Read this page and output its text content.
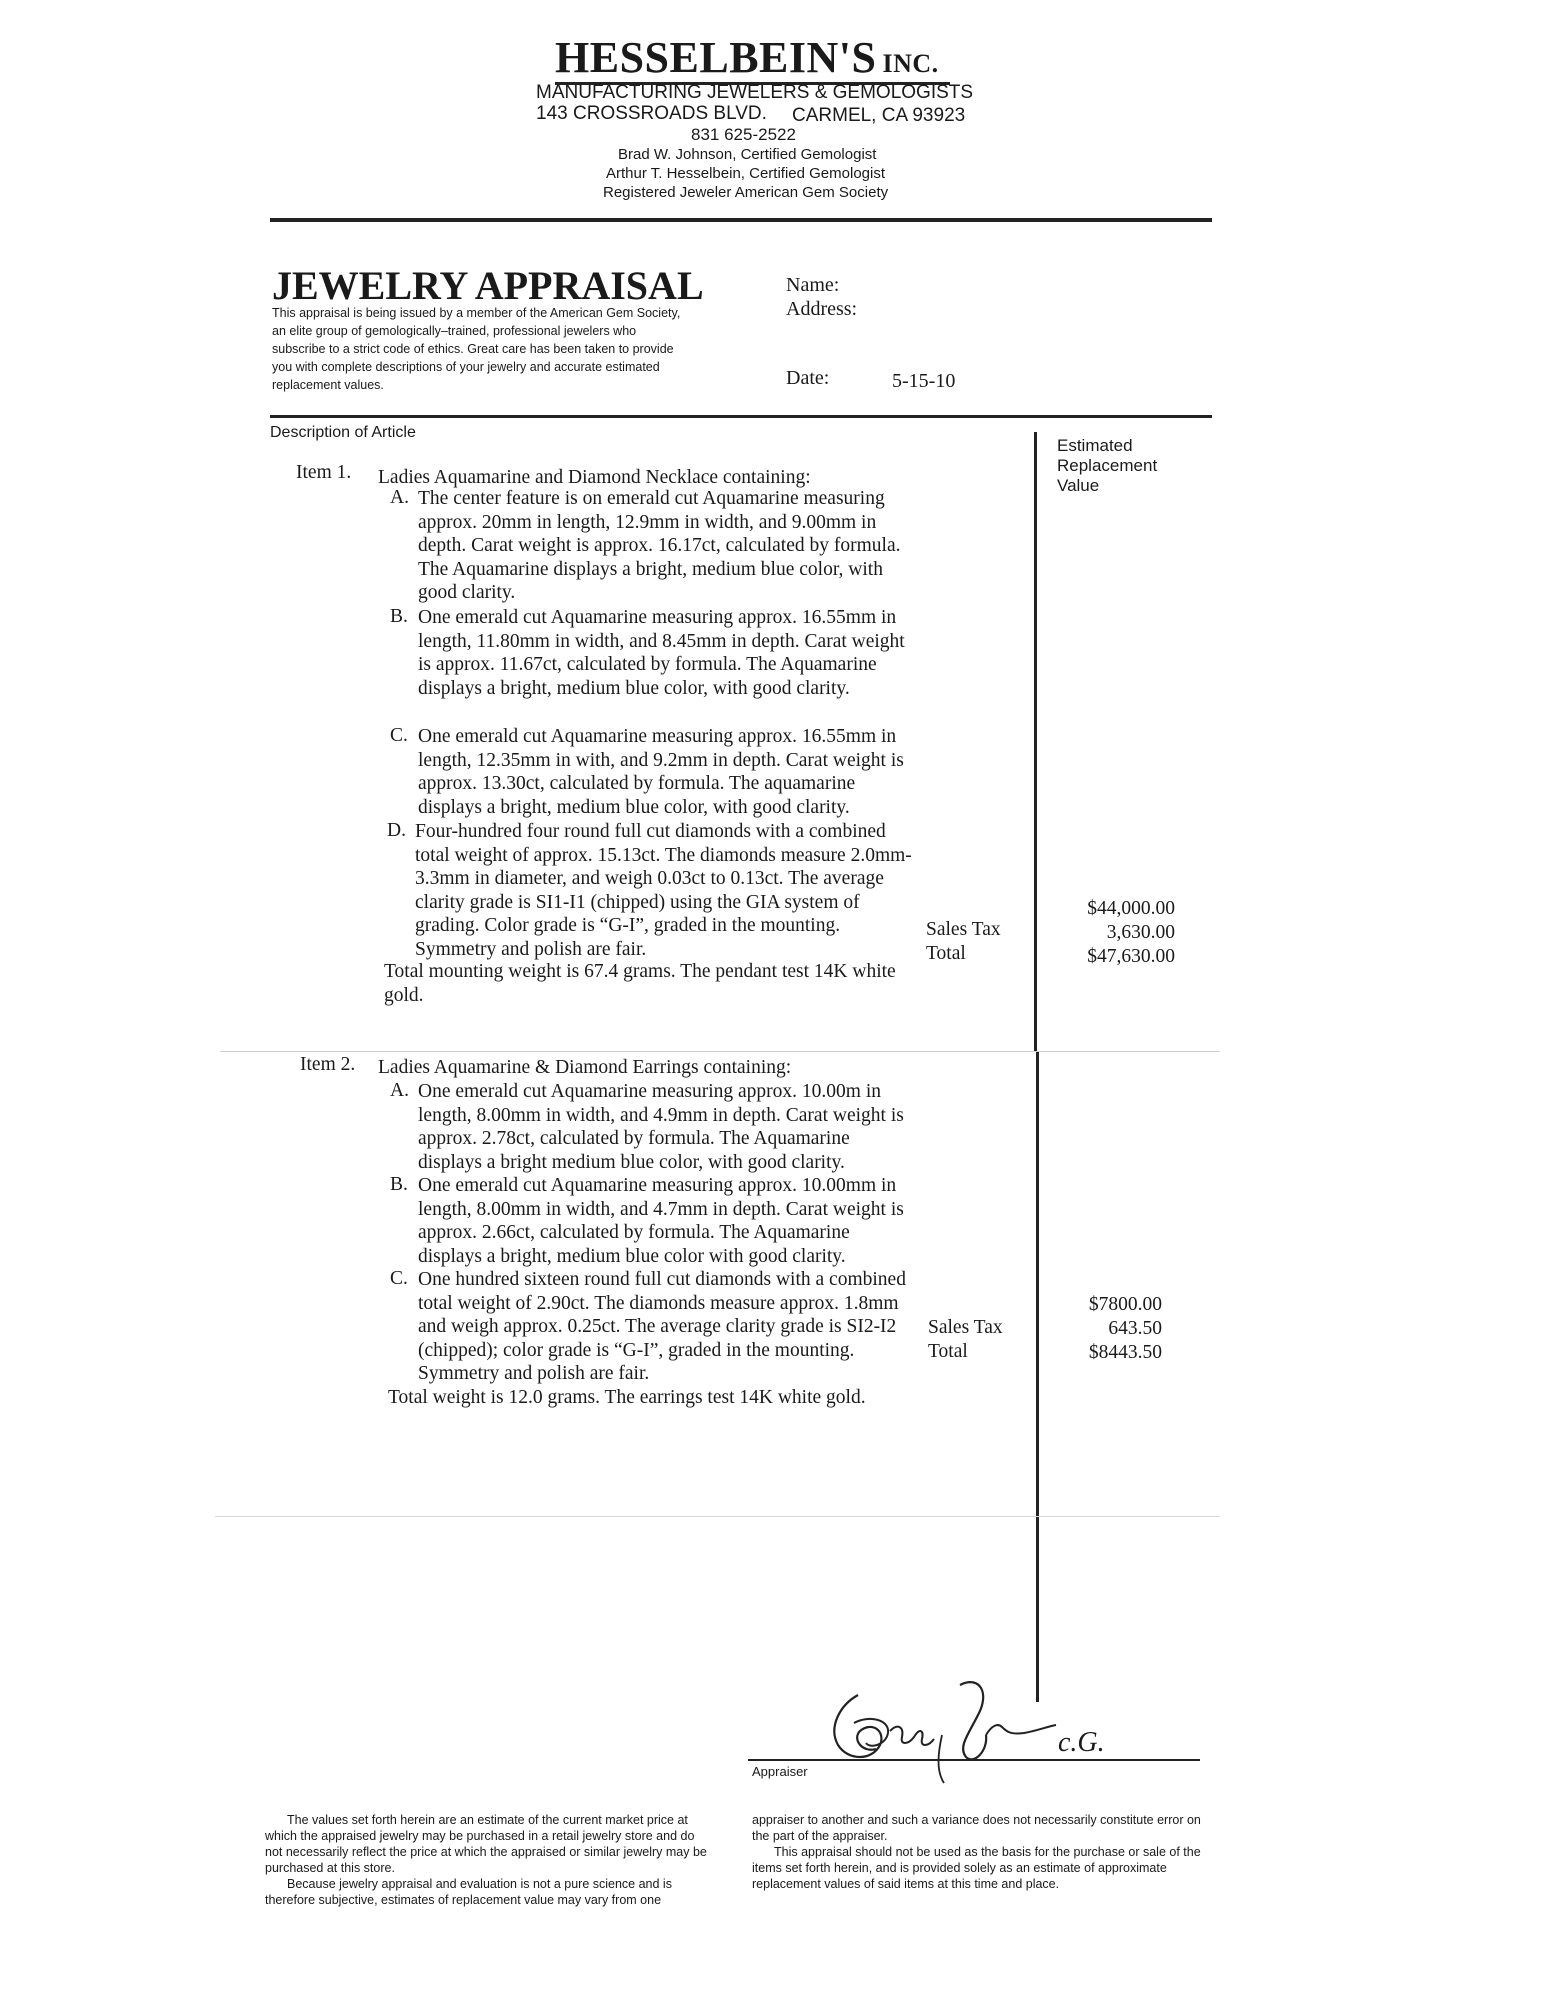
HESSELBEIN'S INC.
MANUFACTURING JEWELERS & GEMOLOGISTS
143 CROSSROADS BLVD. CARMEL, CA 93923
831 625-2522
Brad W. Johnson, Certified Gemologist
Arthur T. Hesselbein, Certified Gemologist
Registered Jeweler American Gem Society
JEWELRY APPRAISAL
This appraisal is being issued by a member of the American Gem Society, an elite group of gemologically–trained, professional jewelers who subscribe to a strict code of ethics. Great care has been taken to provide you with complete descriptions of your jewelry and accurate estimated replacement values.
Name:
Address:
Date:	5-15-10
Description of Article
Estimated
Replacement
Value
Item 1. Ladies Aquamarine and Diamond Necklace containing:
A. The center feature is on emerald cut Aquamarine measuring approx. 20mm in length, 12.9mm in width, and 9.00mm in depth. Carat weight is approx. 16.17ct, calculated by formula. The Aquamarine displays a bright, medium blue color, with good clarity.
B. One emerald cut Aquamarine measuring approx. 16.55mm in length, 11.80mm in width, and 8.45mm in depth. Carat weight is approx. 11.67ct, calculated by formula. The Aquamarine displays a bright, medium blue color, with good clarity.
C. One emerald cut Aquamarine measuring approx. 16.55mm in length, 12.35mm in with, and 9.2mm in depth. Carat weight is approx. 13.30ct, calculated by formula. The aquamarine displays a bright, medium blue color, with good clarity.
D. Four-hundred four round full cut diamonds with a combined total weight of approx. 15.13ct. The diamonds measure 2.0mm-3.3mm in diameter, and weigh 0.03ct to 0.13ct. The average clarity grade is SI1-I1 (chipped) using the GIA system of grading. Color grade is “G-I”, graded in the mounting. Symmetry and polish are fair.
Total mounting weight is 67.4 grams. The pendant test 14K white gold.
Sales Tax
Total
$44,000.00
3,630.00
$47,630.00
Item 2. Ladies Aquamarine & Diamond Earrings containing:
A. One emerald cut Aquamarine measuring approx. 10.00m in length, 8.00mm in width, and 4.9mm in depth. Carat weight is approx. 2.78ct, calculated by formula. The Aquamarine displays a bright medium blue color, with good clarity.
B. One emerald cut Aquamarine measuring approx. 10.00mm in length, 8.00mm in width, and 4.7mm in depth. Carat weight is approx. 2.66ct, calculated by formula. The Aquamarine displays a bright, medium blue color with good clarity.
C. One hundred sixteen round full cut diamonds with a combined total weight of 2.90ct. The diamonds measure approx. 1.8mm and weigh approx. 0.25ct. The average clarity grade is SI2-I2 (chipped); color grade is “G-I”, graded in the mounting. Symmetry and polish are fair.
Total weight is 12.0 grams. The earrings test 14K white gold.
Sales Tax
Total
$7800.00
643.50
$8443.50
c.G.
Appraiser

The values set forth herein are an estimate of the current market price at which the appraised jewelry may be purchased in a retail jewelry store and do not necessarily reflect the price at which the appraised or similar jewelry may be purchased at this store.

Because jewelry appraisal and evaluation is not a pure science and is therefore subjective, estimates of replacement value may vary from one

appraiser to another and such a variance does not necessarily constitute error on the part of the appraiser.

This appraisal should not be used as the basis for the purchase or sale of the items set forth herein, and is provided solely as an estimate of approximate replacement values of said items at this time and place.
